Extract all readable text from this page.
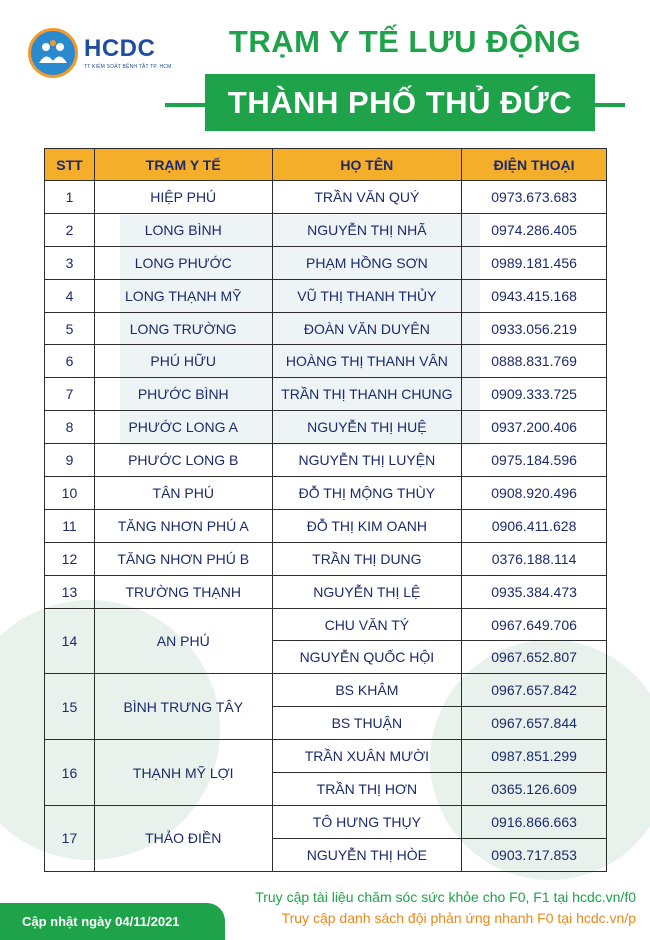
HCDC
TT KIỂM SOÁT BỆNH TẬT TP. HCM
TRẠM Y TẾ LƯU ĐỘNG
THÀNH PHỐ THỦ ĐỨC
STT	TRẠM Y TẾ	HỌ TÊN	ĐIỆN THOẠI
1	HIỆP PHÚ	TRẦN VĂN QUÝ	0973.673.683
2	LONG BÌNH	NGUYỄN THỊ NHÃ	0974.286.405
3	LONG PHƯỚC	PHẠM HỒNG SƠN	0989.181.456
4	LONG THẠNH MỸ	VŨ THỊ THANH THỦY	0943.415.168
5	LONG TRƯỜNG	ĐOÀN VĂN DUYÊN	0933.056.219
6	PHÚ HỮU	HOÀNG THỊ THANH VÂN	0888.831.769
7	PHƯỚC BÌNH	TRẦN THỊ THANH CHUNG	0909.333.725
8	PHƯỚC LONG A	NGUYỄN THỊ HUỆ	0937.200.406
9	PHƯỚC LONG B	NGUYỄN THỊ LUYỆN	0975.184.596
10	TÂN PHÚ	ĐỖ THỊ MỘNG THÙY	0908.920.496
11	TĂNG NHƠN PHÚ A	ĐỖ THỊ KIM OANH	0906.411.628
12	TĂNG NHƠN PHÚ B	TRẦN THỊ DUNG	0376.188.114
13	TRƯỜNG THẠNH	NGUYỄN THỊ LỆ	0935.384.473
14	AN PHÚ	CHU VĂN TÝ	0967.649.706
		NGUYỄN QUỐC HỘI	0967.652.807
15	BÌNH TRƯNG TÂY	BS KHÂM	0967.657.842
		BS THUẬN	0967.657.844
16	THẠNH MỸ LỢI	TRẦN XUÂN MƯỜI	0987.851.299
		TRẦN THỊ HƠN	0365.126.609
17	THẢO ĐIỀN	TÔ HƯNG THỤY	0916.866.663
		NGUYỄN THỊ HÒE	0903.717.853
Cập nhật ngày 04/11/2021
Truy cập tài liệu chăm sóc sức khỏe cho F0, F1 tại hcdc.vn/f0
Truy cập danh sách đội phản ứng nhanh F0 tại hcdc.vn/p
